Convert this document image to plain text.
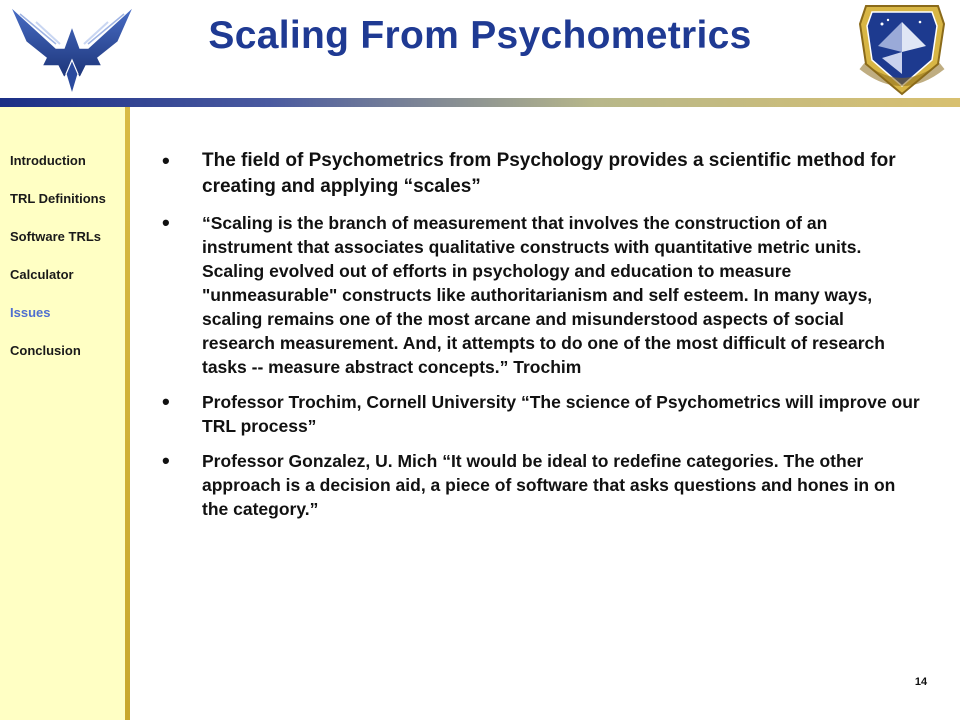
Scaling From Psychometrics
Introduction
TRL Definitions
Software TRLs
Calculator
Issues
Conclusion
• The field of Psychometrics from Psychology provides a scientific method for creating and applying “scales”
• “Scaling is the branch of measurement that involves the construction of an instrument that associates qualitative constructs with quantitative metric units. Scaling evolved out of efforts in psychology and education to measure "unmeasurable" constructs like authoritarianism and self esteem. In many ways, scaling remains one of the most arcane and misunderstood aspects of social research measurement. And, it attempts to do one of the most difficult of research tasks -- measure abstract concepts.” Trochim
• Professor Trochim, Cornell University “The science of Psychometrics will improve our TRL process”
• Professor Gonzalez, U. Mich “It would be ideal to redefine categories. The other approach is a decision aid, a piece of software that asks questions and hones in on the category.”
14
